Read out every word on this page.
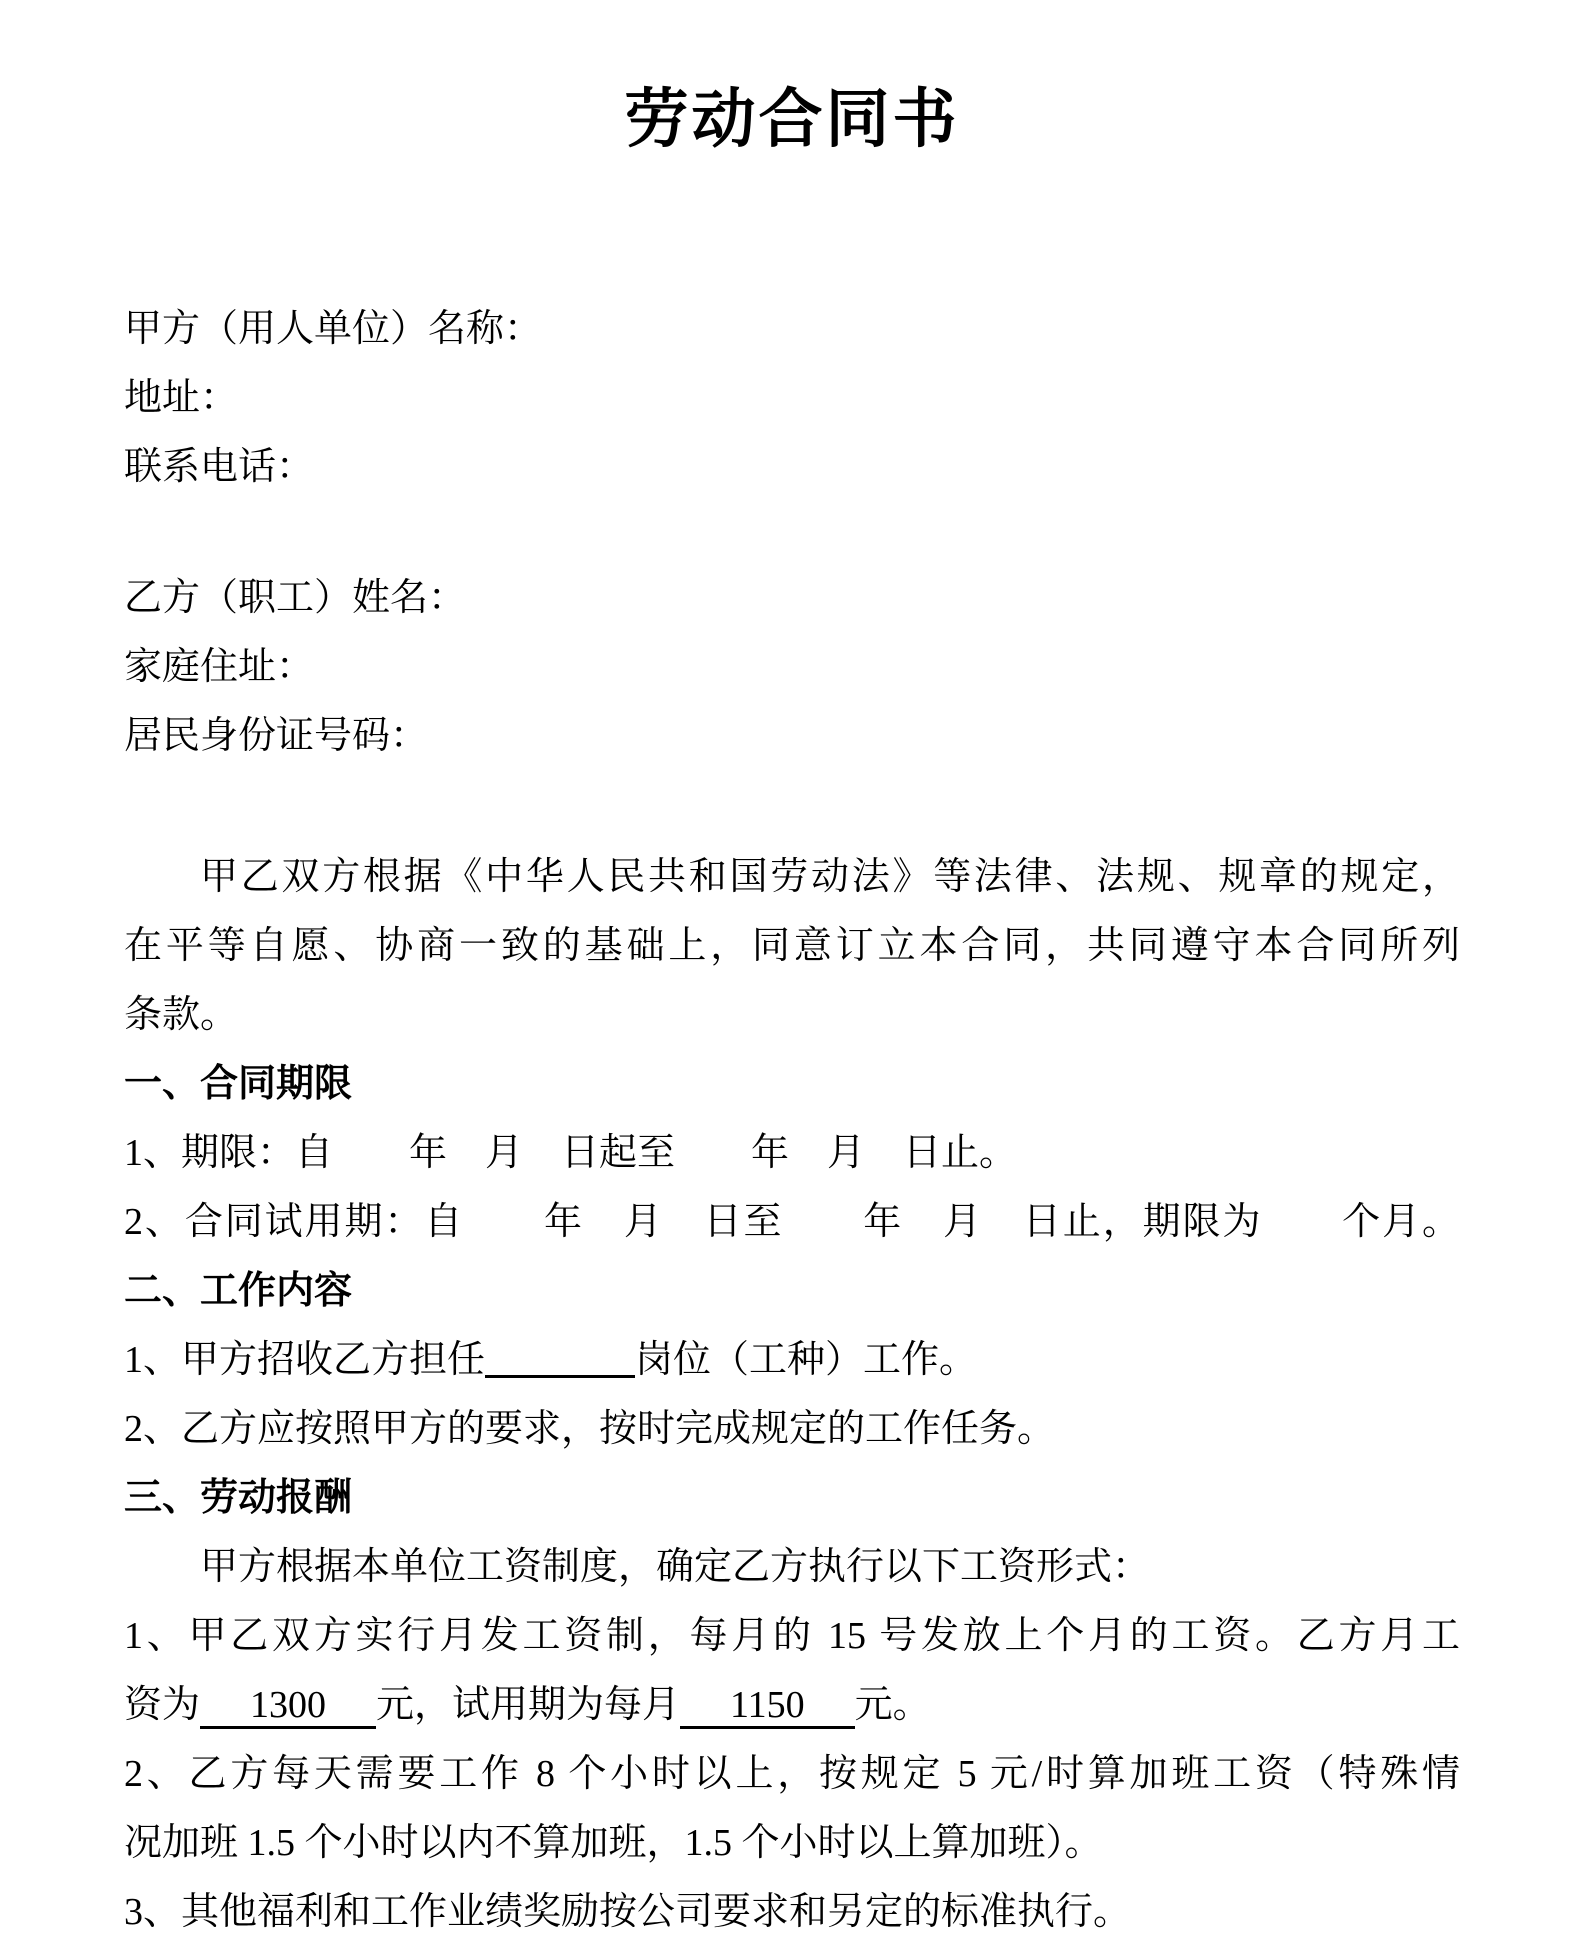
劳动合同书

甲方（用人单位）名称：

地址：

联系电话：

乙方（职工）姓名：

家庭住址：

居民身份证号码：

甲乙双方根据《中华人民共和国劳动法》等法律、法规、规章的规定，

在平等自愿、协商一致的基础上，同意订立本合同，共同遵守本合同所列

条款。

一、合同期限

1、期限：自　　年　月　日起至　　年　月　日止。

2、合同试用期：自　　年　月　日至　　年　月　日止，期限为　　个月。

二、工作内容

1、甲方招收乙方担任	岗位（工种）工作。

2、乙方应按照甲方的要求，按时完成规定的工作任务。

三、劳动报酬

甲方根据本单位工资制度，确定乙方执行以下工资形式：

1、甲乙双方实行月发工资制，每月的 15 号发放上个月的工资。乙方月工

资为 1300 元，试用期为每月 1150 元。

2、乙方每天需要工作 8 个小时以上，按规定 5 元/时算加班工资（特殊情

况加班 1.5 个小时以内不算加班，1.5 个小时以上算加班）。

3、其他福利和工作业绩奖励按公司要求和另定的标准执行。
